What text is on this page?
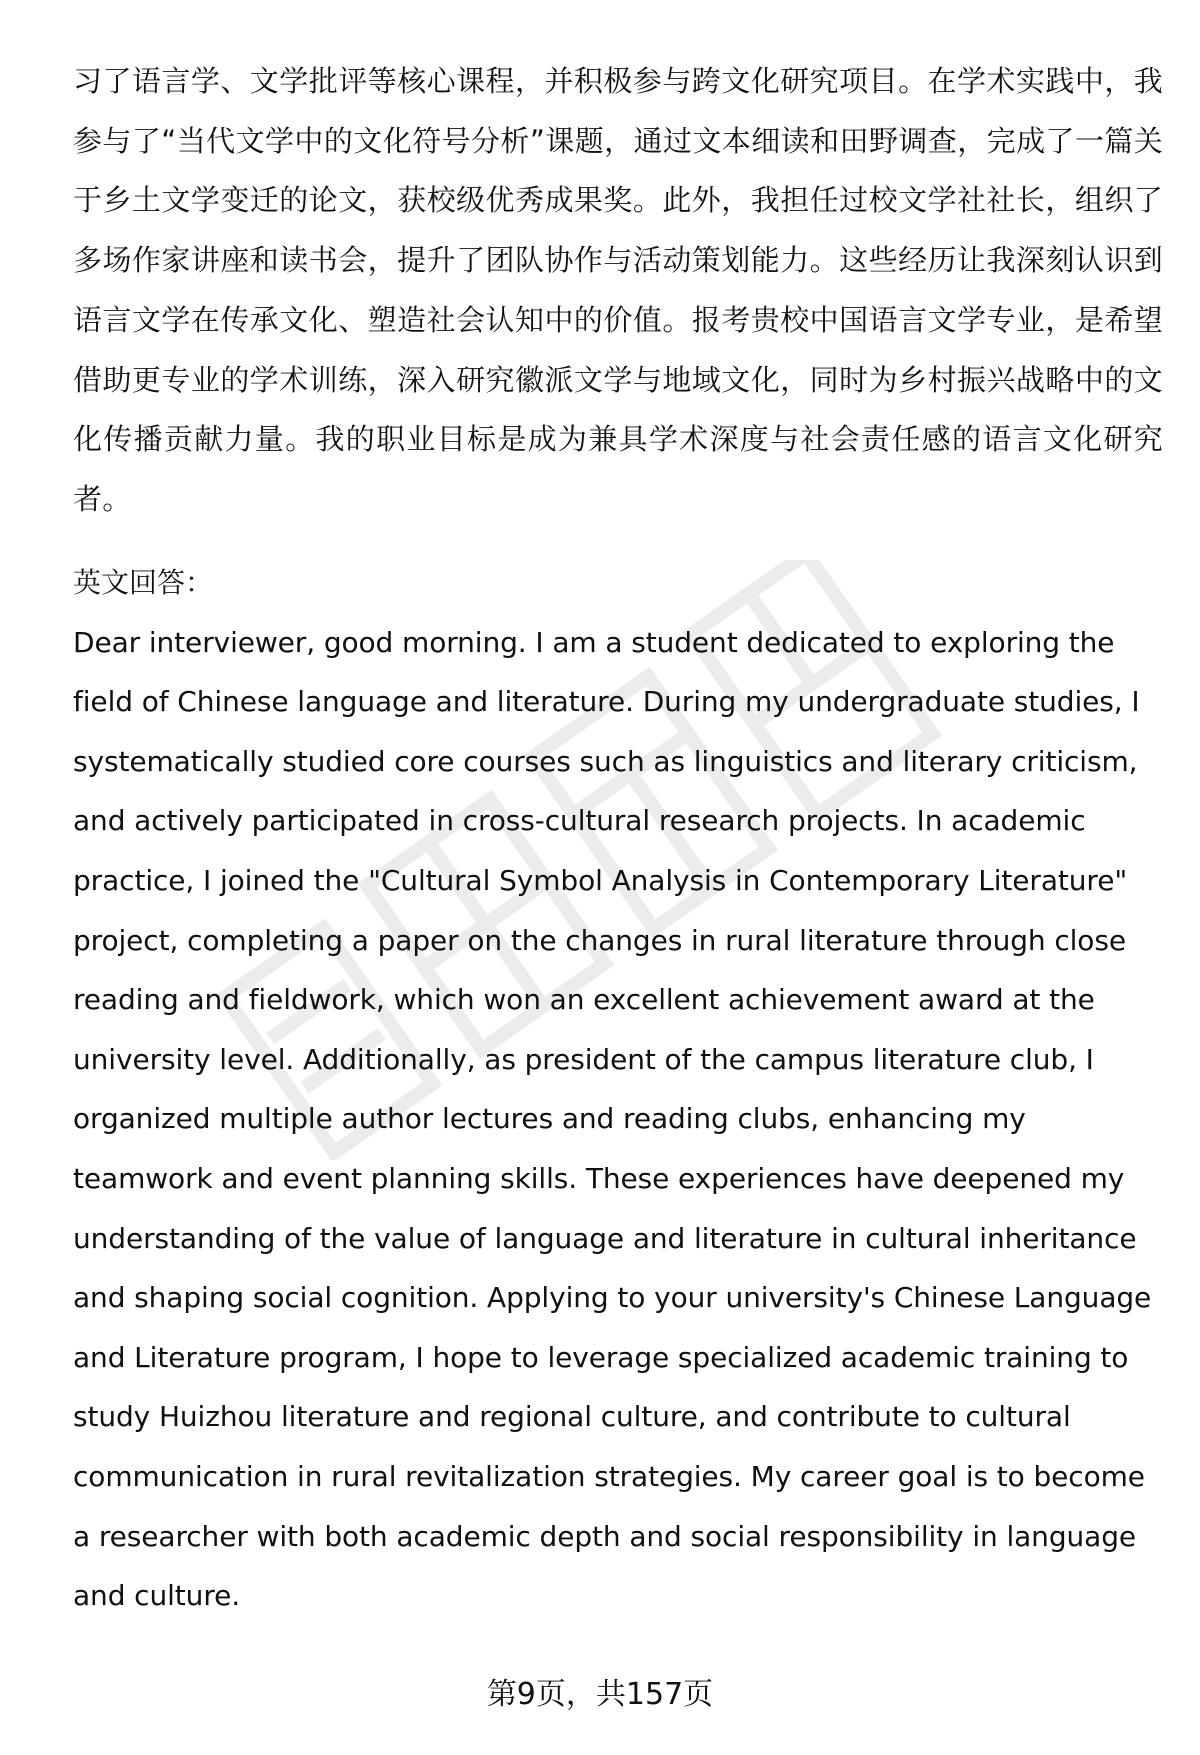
习了语言学、文学批评等核心课程，并积极参与跨文化研究项目。在学术实践中，我参与了“当代文学中的文化符号分析”课题，通过文本细读和田野调查，完成了一篇关于乡土文学变迁的论文，获校级优秀成果奖。此外，我担任过校文学社社长，组织了多场作家讲座和读书会，提升了团队协作与活动策划能力。这些经历让我深刻认识到语言文学在传承文化、塑造社会认知中的价值。报考贵校中国语言文学专业，是希望借助更专业的学术训练，深入研究徽派文学与地域文化，同时为乡村振兴战略中的文化传播贡献力量。我的职业目标是成为兼具学术深度与社会责任感的语言文化研究者。

英文回答：

Dear interviewer, good morning. I am a student dedicated to exploring the field of Chinese language and literature. During my undergraduate studies, I systematically studied core courses such as linguistics and literary criticism, and actively participated in cross-cultural research projects. In academic practice, I joined the "Cultural Symbol Analysis in Contemporary Literature" project, completing a paper on the changes in rural literature through close reading and fieldwork, which won an excellent achievement award at the university level. Additionally, as president of the campus literature club, I organized multiple author lectures and reading clubs, enhancing my teamwork and event planning skills. These experiences have deepened my understanding of the value of language and literature in cultural inheritance and shaping social cognition. Applying to your university's Chinese Language and Literature program, I hope to leverage specialized academic training to study Huizhou literature and regional culture, and contribute to cultural communication in rural revitalization strategies. My career goal is to become a researcher with both academic depth and social responsibility in language and culture.

第9页，共157页
